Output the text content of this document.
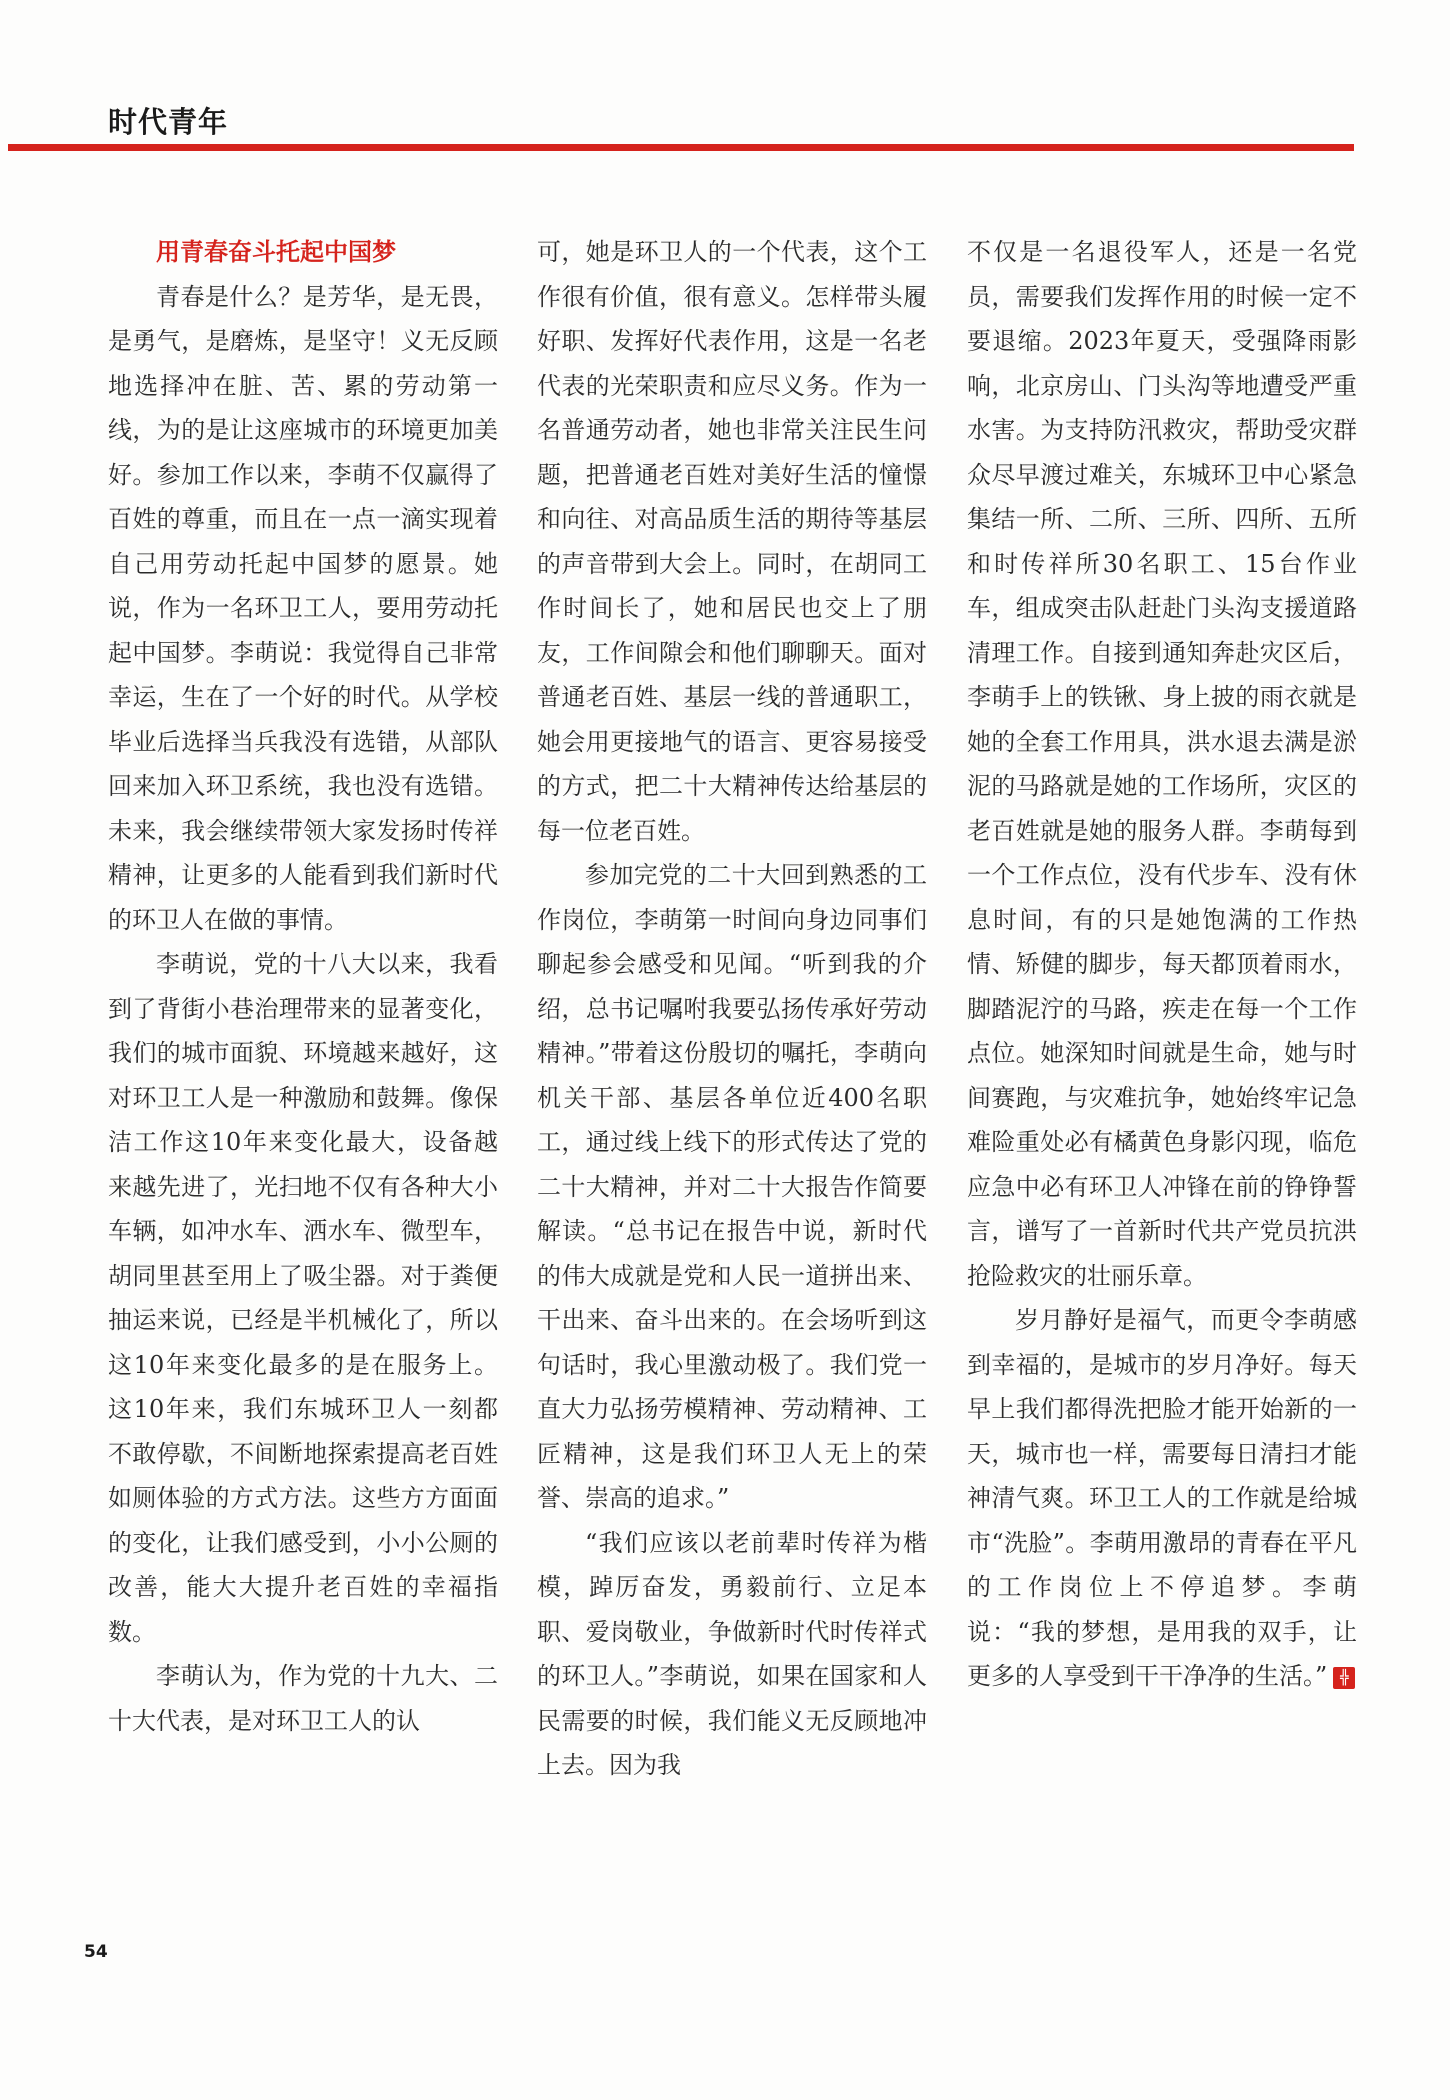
时代青年

用青春奋斗托起中国梦

青春是什么？是芳华，是无畏，是勇气，是磨炼，是坚守！义无反顾地选择冲在脏、苦、累的劳动第一线，为的是让这座城市的环境更加美好。参加工作以来，李萌不仅赢得了百姓的尊重，而且在一点一滴实现着自己用劳动托起中国梦的愿景。她说，作为一名环卫工人，要用劳动托起中国梦。李萌说：我觉得自己非常幸运，生在了一个好的时代。从学校毕业后选择当兵我没有选错，从部队回来加入环卫系统，我也没有选错。未来，我会继续带领大家发扬时传祥精神，让更多的人能看到我们新时代的环卫人在做的事情。

李萌说，党的十八大以来，我看到了背街小巷治理带来的显著变化，我们的城市面貌、环境越来越好，这对环卫工人是一种激励和鼓舞。像保洁工作这10年来变化最大，设备越来越先进了，光扫地不仅有各种大小车辆，如冲水车、洒水车、微型车，胡同里甚至用上了吸尘器。对于粪便抽运来说，已经是半机械化了，所以这10年来变化最多的是在服务上。这10年来，我们东城环卫人一刻都不敢停歇，不间断地探索提高老百姓如厕体验的方式方法。这些方方面面的变化，让我们感受到，小小公厕的改善，能大大提升老百姓的幸福指数。

李萌认为，作为党的十九大、二十大代表，是对环卫工人的认

可，她是环卫人的一个代表，这个工作很有价值，很有意义。怎样带头履好职、发挥好代表作用，这是一名老代表的光荣职责和应尽义务。作为一名普通劳动者，她也非常关注民生问题，把普通老百姓对美好生活的憧憬和向往、对高品质生活的期待等基层的声音带到大会上。同时，在胡同工作时间长了，她和居民也交上了朋友，工作间隙会和他们聊聊天。面对普通老百姓、基层一线的普通职工，她会用更接地气的语言、更容易接受的方式，把二十大精神传达给基层的每一位老百姓。

参加完党的二十大回到熟悉的工作岗位，李萌第一时间向身边同事们聊起参会感受和见闻。“听到我的介绍，总书记嘱咐我要弘扬传承好劳动精神。”带着这份殷切的嘱托，李萌向机关干部、基层各单位近400名职工，通过线上线下的形式传达了党的二十大精神，并对二十大报告作简要解读。“总书记在报告中说，新时代的伟大成就是党和人民一道拼出来、干出来、奋斗出来的。在会场听到这句话时，我心里激动极了。我们党一直大力弘扬劳模精神、劳动精神、工匠精神，这是我们环卫人无上的荣誉、崇高的追求。”

“我们应该以老前辈时传祥为楷模，踔厉奋发，勇毅前行、立足本职、爱岗敬业，争做新时代时传祥式的环卫人。”李萌说，如果在国家和人民需要的时候，我们能义无反顾地冲上去。因为我

不仅是一名退役军人，还是一名党员，需要我们发挥作用的时候一定不要退缩。2023年夏天，受强降雨影响，北京房山、门头沟等地遭受严重水害。为支持防汛救灾，帮助受灾群众尽早渡过难关，东城环卫中心紧急集结一所、二所、三所、四所、五所和时传祥所30名职工、15台作业车，组成突击队赶赴门头沟支援道路清理工作。自接到通知奔赴灾区后，李萌手上的铁锹、身上披的雨衣就是她的全套工作用具，洪水退去满是淤泥的马路就是她的工作场所，灾区的老百姓就是她的服务人群。李萌每到一个工作点位，没有代步车、没有休息时间，有的只是她饱满的工作热情、矫健的脚步，每天都顶着雨水，脚踏泥泞的马路，疾走在每一个工作点位。她深知时间就是生命，她与时间赛跑，与灾难抗争，她始终牢记急难险重处必有橘黄色身影闪现，临危应急中必有环卫人冲锋在前的铮铮誓言，谱写了一首新时代共产党员抗洪抢险救灾的壮丽乐章。

岁月静好是福气，而更令李萌感到幸福的，是城市的岁月净好。每天早上我们都得洗把脸才能开始新的一天，城市也一样，需要每日清扫才能神清气爽。环卫工人的工作就是给城市“洗脸”。李萌用激昂的青春在平凡的工作岗位上不停追梦。李萌说：“我的梦想，是用我的双手，让更多的人享受到干干净净的生活。” ╬

54
